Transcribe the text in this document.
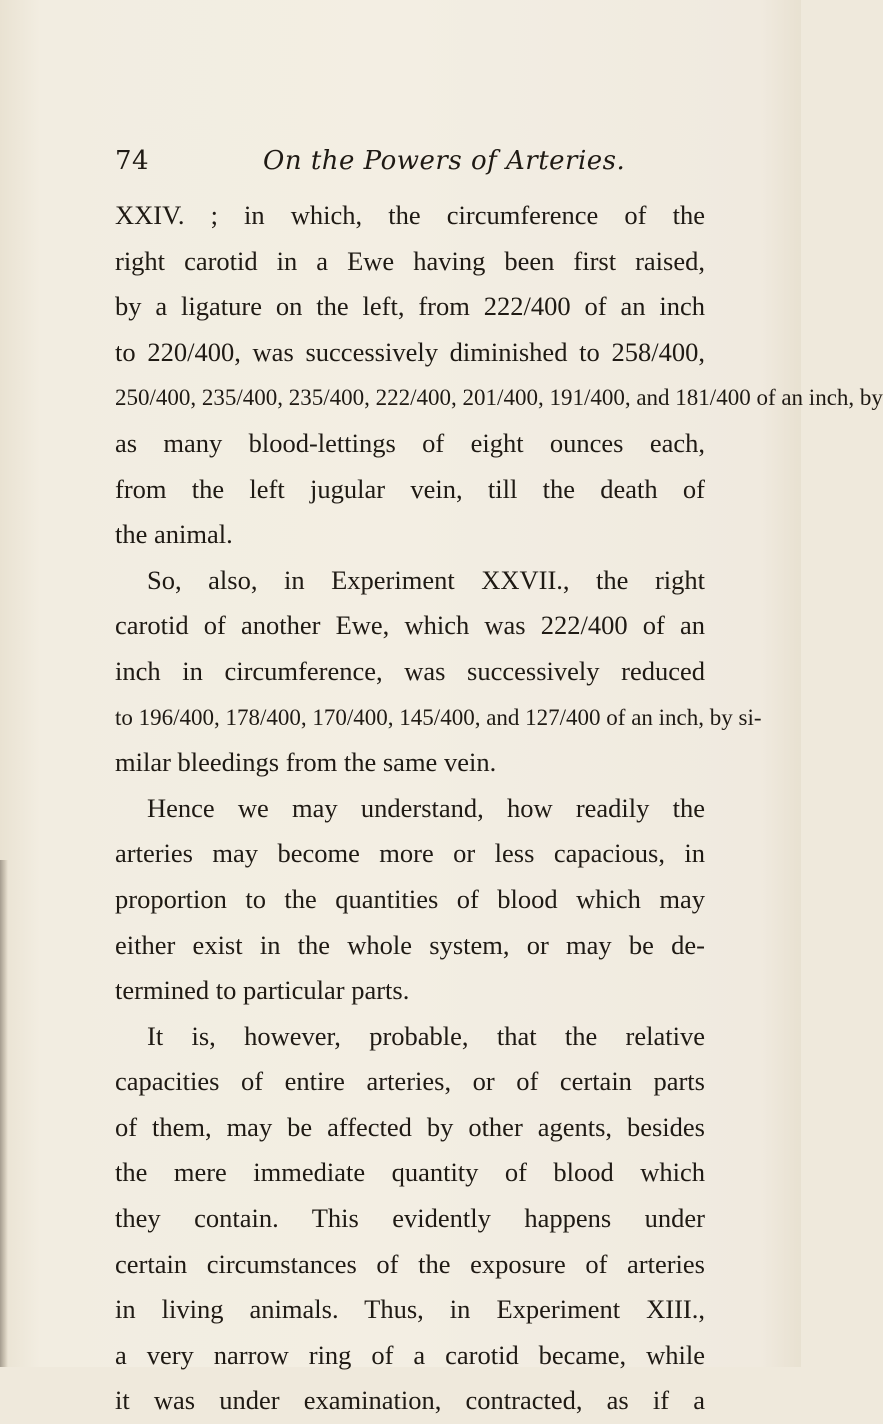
74	On the Powers of Arteries.
XXIV. ; in which, the circumference of the
right carotid in a Ewe having been first raised,
by a ligature on the left, from 222/400 of an inch
to 220/400, was successively diminished to 258/400,
250/400, 235/400, 235/400, 222/400, 201/400, 191/400, and 181/400 of an inch, by
as many blood-lettings of eight ounces each,
from the left jugular vein, till the death of
the animal.
So, also, in Experiment XXVII., the right
carotid of another Ewe, which was 222/400 of an
inch in circumference, was successively reduced
to 196/400, 178/400, 170/400, 145/400, and 127/400 of an inch, by si-
milar bleedings from the same vein.
Hence we may understand, how readily the
arteries may become more or less capacious, in
proportion to the quantities of blood which may
either exist in the whole system, or may be de-
termined to particular parts.
It is, however, probable, that the relative
capacities of entire arteries, or of certain parts
of them, may be affected by other agents, besides
the mere immediate quantity of blood which
they contain. This evidently happens under
certain circumstances of the exposure of arteries
in living animals. Thus, in Experiment XIII.,
a very narrow ring of a carotid became, while
it was under examination, contracted, as if a
